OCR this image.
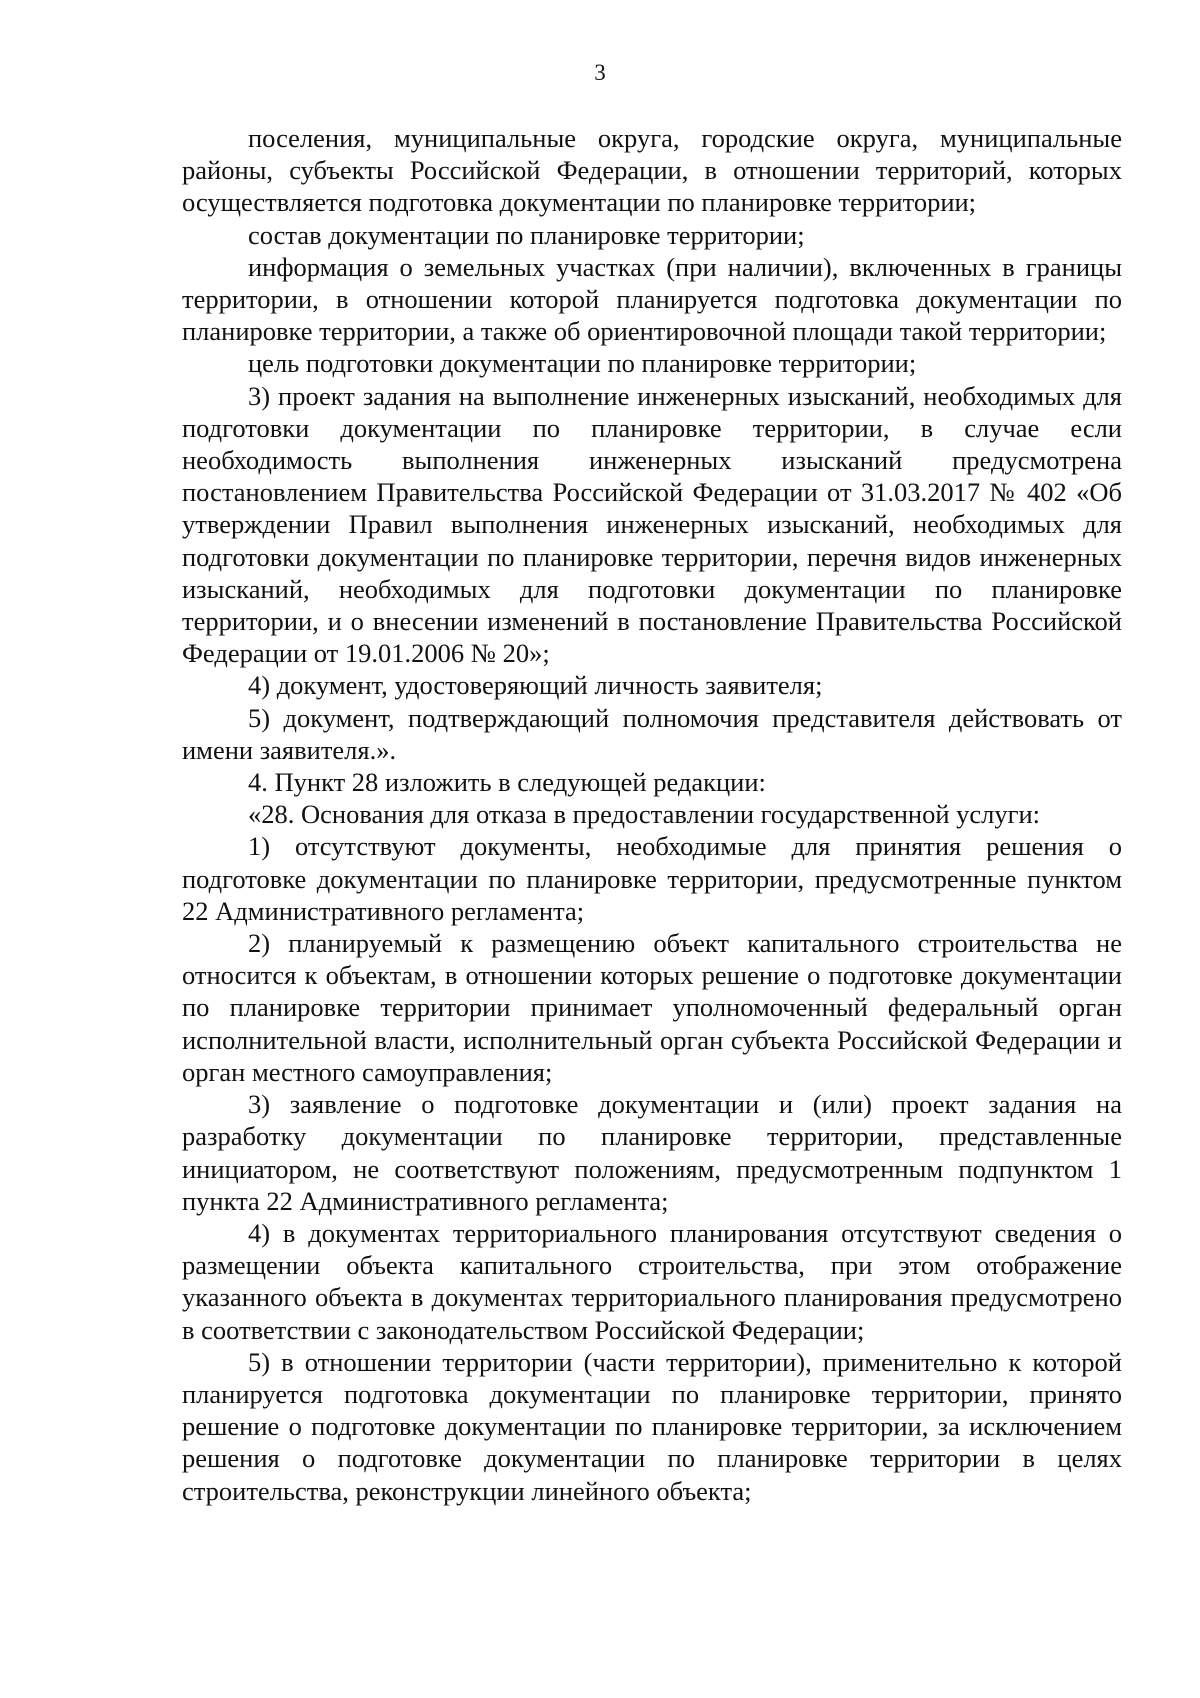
3

поселения, муниципальные округа, городские округа, муниципальные районы, субъекты Российской Федерации, в отношении территорий, которых осуществляется подготовка документации по планировке территории;

состав документации по планировке территории;

информация о земельных участках (при наличии), включенных в границы территории, в отношении которой планируется подготовка документации по планировке территории, а также об ориентировочной площади такой территории;

цель подготовки документации по планировке территории;

3) проект задания на выполнение инженерных изысканий, необходимых для подготовки документации по планировке территории, в случае если необходимость выполнения инженерных изысканий предусмотрена постановлением Правительства Российской Федерации от 31.03.2017 № 402 «Об утверждении Правил выполнения инженерных изысканий, необходимых для подготовки документации по планировке территории, перечня видов инженерных изысканий, необходимых для подготовки документации по планировке территории, и о внесении изменений в постановление Правительства Российской Федерации от 19.01.2006 № 20»;

4) документ, удостоверяющий личность заявителя;

5) документ, подтверждающий полномочия представителя действовать от имени заявителя.».

4. Пункт 28 изложить в следующей редакции:

«28. Основания для отказа в предоставлении государственной услуги:

1) отсутствуют документы, необходимые для принятия решения о подготовке документации по планировке территории, предусмотренные пунктом 22 Административного регламента;

2) планируемый к размещению объект капитального строительства не относится к объектам, в отношении которых решение о подготовке документации по планировке территории принимает уполномоченный федеральный орган исполнительной власти, исполнительный орган субъекта Российской Федерации и орган местного самоуправления;

3) заявление о подготовке документации и (или) проект задания на разработку документации по планировке территории, представленные инициатором, не соответствуют положениям, предусмотренным подпунктом 1 пункта 22 Административного регламента;

4) в документах территориального планирования отсутствуют сведения о размещении объекта капитального строительства, при этом отображение указанного объекта в документах территориального планирования предусмотрено в соответствии с законодательством Российской Федерации;

5) в отношении территории (части территории), применительно к которой планируется подготовка документации по планировке территории, принято решение о подготовке документации по планировке территории, за исключением решения о подготовке документации по планировке территории в целях строительства, реконструкции линейного объекта;
